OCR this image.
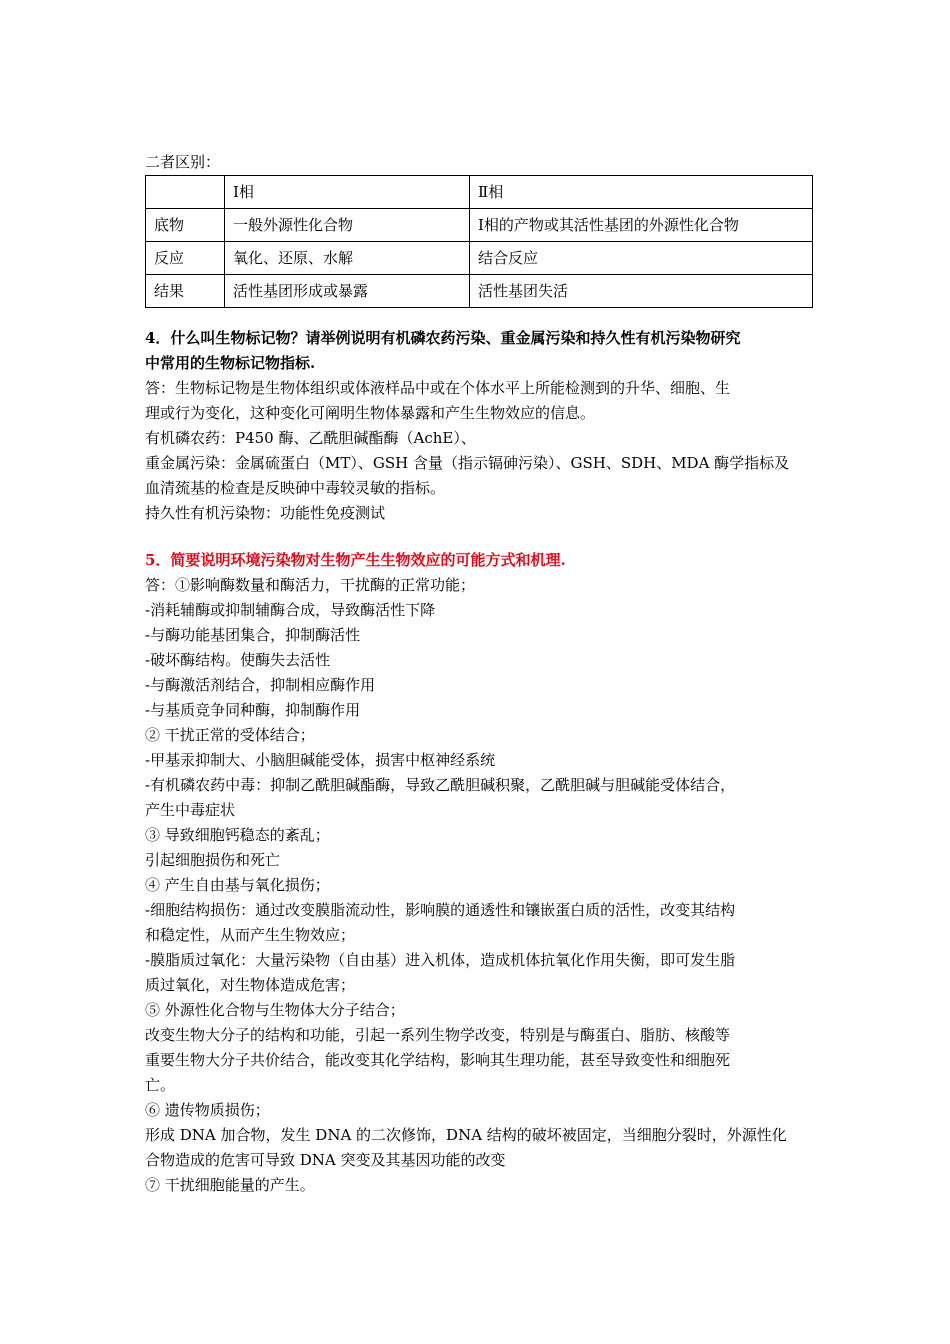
二者区别：

	Ⅰ相	Ⅱ相
底物	一般外源性化合物	Ⅰ相的产物或其活性基团的外源性化合物
反应	氧化、还原、水解	结合反应
结果	活性基团形成或暴露	活性基团失活

4．什么叫生物标记物？请举例说明有机磷农药污染、重金属污染和持久性有机污染物研究

中常用的生物标记物指标.

答：生物标记物是生物体组织或体液样品中或在个体水平上所能检测到的升华、细胞、生

理或行为变化，这种变化可阐明生物体暴露和产生生物效应的信息。

有机磷农药：P450 酶、乙酰胆碱酯酶（AchE）、

重金属污染：金属硫蛋白（MT）、GSH 含量（指示镉砷污染）、GSH、SDH、MDA 酶学指标及

血清巯基的检查是反映砷中毒较灵敏的指标。

持久性有机污染物：功能性免疫测试

5．简要说明环境污染物对生物产生生物效应的可能方式和机理.

答：①影响酶数量和酶活力，干扰酶的正常功能；

-消耗辅酶或抑制辅酶合成，导致酶活性下降

-与酶功能基团集合，抑制酶活性

-破坏酶结构。使酶失去活性

-与酶激活剂结合，抑制相应酶作用

-与基质竞争同种酶，抑制酶作用

② 干扰正常的受体结合；

-甲基汞抑制大、小脑胆碱能受体，损害中枢神经系统

-有机磷农药中毒：抑制乙酰胆碱酯酶，导致乙酰胆碱积聚，乙酰胆碱与胆碱能受体结合，

产生中毒症状

③ 导致细胞钙稳态的紊乱；

引起细胞损伤和死亡

④ 产生自由基与氧化损伤；

-细胞结构损伤：通过改变膜脂流动性，影响膜的通透性和镶嵌蛋白质的活性，改变其结构

和稳定性，从而产生生物效应；

-膜脂质过氧化：大量污染物（自由基）进入机体，造成机体抗氧化作用失衡，即可发生脂

质过氧化，对生物体造成危害；

⑤ 外源性化合物与生物体大分子结合；

改变生物大分子的结构和功能，引起一系列生物学改变，特别是与酶蛋白、脂肪、核酸等

重要生物大分子共价结合，能改变其化学结构，影响其生理功能，甚至导致变性和细胞死

亡。

⑥ 遗传物质损伤；

形成 DNA 加合物，发生 DNA 的二次修饰，DNA 结构的破坏被固定，当细胞分裂时，外源性化

合物造成的危害可导致 DNA 突变及其基因功能的改变

⑦ 干扰细胞能量的产生。
